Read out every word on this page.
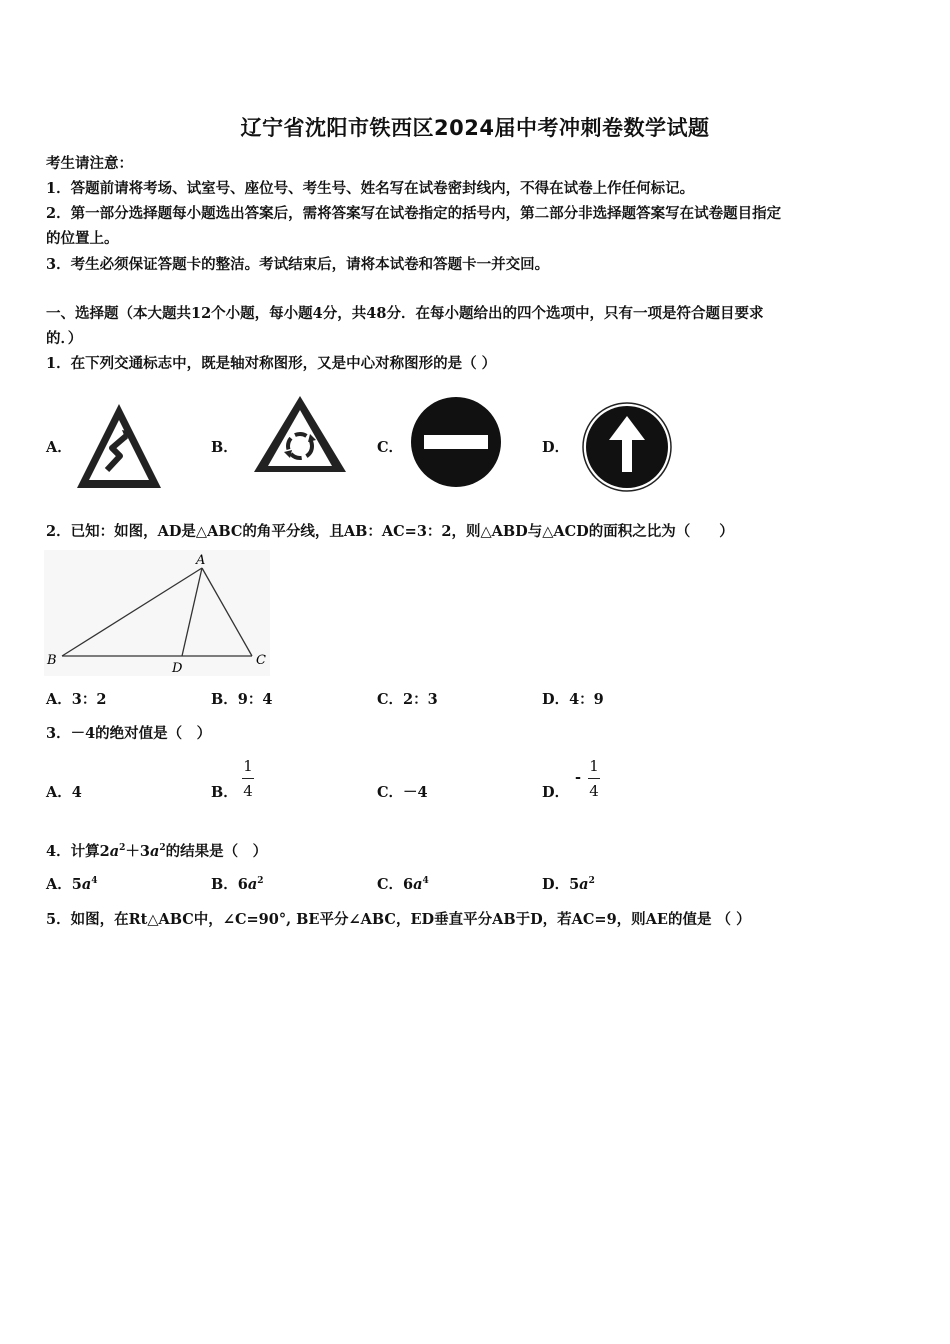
辽宁省沈阳市铁西区2024届中考冲刺卷数学试题
考生请注意：
1．答题前请将考场、试室号、座位号、考生号、姓名写在试卷密封线内，不得在试卷上作任何标记。
2．第一部分选择题每小题选出答案后，需将答案写在试卷指定的括号内，第二部分非选择题答案写在试卷题目指定
的位置上。
3．考生必须保证答题卡的整洁。考试结束后，请将本试卷和答题卡一并交回。
一、选择题（本大题共12个小题，每小题4分，共48分．在每小题给出的四个选项中，只有一项是符合题目要求
的．）
1．在下列交通标志中，既是轴对称图形，又是中心对称图形的是（ ）
A．	B．	C．	D．
2．已知：如图，AD是△ABC的角平分线，且AB：AC=3：2，则△ABD与△ACD的面积之比为（　　）
A
B	C
D
A．3：2	B．9：4	C．2：3	D．4：9
3．－4的绝对值是（　）
A．4	B．
1
4	C．－4	D．
-
1
4
4．计算$2a^2+3a^2$的结果是（　）
A．$5a^4$	B．$6a^2$	C．$6a^4$	D．$5a^2$
5．如图，在Rt△ABC中，∠C=90°, BE平分∠ABC，ED垂直平分AB于D，若AC=9，则AE的值是 （ ）
